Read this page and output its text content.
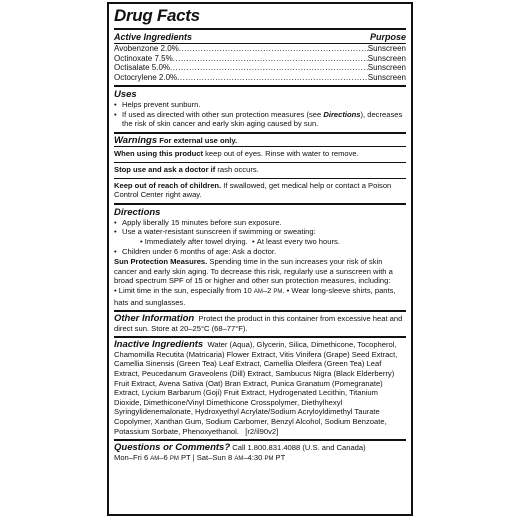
Drug Facts
Active Ingredients	Purpose
Avobenzone 2.0% .....	Sunscreen
Octinoxate 7.5% .....	Sunscreen
Octisalate 5.0% .....	Sunscreen
Octocrylene 2.0% .....	Sunscreen
Uses
• Helps prevent sunburn.
• If used as directed with other sun protection measures (see Directions), decreases the risk of skin cancer and early skin aging caused by sun.
Warnings For external use only.
When using this product keep out of eyes. Rinse with water to remove.
Stop use and ask a doctor if rash occurs.
Keep out of reach of children. If swallowed, get medical help or contact a Poison Control Center right away.
Directions
• Apply liberally 15 minutes before sun exposure.
• Use a water-resistant sunscreen if swimming or sweating:
• Immediately after towel drying.  • At least every two hours.
• Children under 6 months of age: Ask a doctor.
Sun Protection Measures. Spending time in the sun increases your risk of skin cancer and early skin aging. To decrease this risk, regularly use a sunscreen with a broad spectrum SPF of 15 or higher and other sun protection measures, including: • Limit time in the sun, especially from 10 AM–2 PM. • Wear long-sleeve shirts, pants, hats and sunglasses.
Other Information Protect the product in this container from excessive heat and direct sun. Store at 20–25°C (68–77°F).
Inactive Ingredients Water (Aqua), Glycerin, Silica, Dimethicone, Tocopherol, Chamomilla Recutita (Matricaria) Flower Extract, Vitis Vinifera (Grape) Seed Extract, Camellia Sinensis (Green Tea) Leaf Extract, Camellia Oleifera (Green Tea) Leaf Extract, Peucedanum Graveolens (Dill) Extract, Sambucus Nigra (Black Elderberry) Fruit Extract, Avena Sativa (Oat) Bran Extract, Punica Granatum (Pomegranate) Extract, Lycium Barbarum (Goji) Fruit Extract, Hydrogenated Lecithin, Titanium Dioxide, Dimethicone/Vinyl Dimethicone Crosspolymer, Diethylhexyl Syringylidenemalonate, Hydroxyethyl Acrylate/Sodium Acryloyldimethyl Taurate Copolymer, Xanthan Gum, Sodium Carbomer, Benzyl Alcohol, Sodium Benzoate, Potassium Sorbate, Phenoxyethanol. [r2/il90v2]
Questions or Comments? Call 1.800.831.4088 (U.S. and Canada)
Mon–Fri 6 AM–6 PM PT | Sat–Sun 8 AM–4:30 PM PT
